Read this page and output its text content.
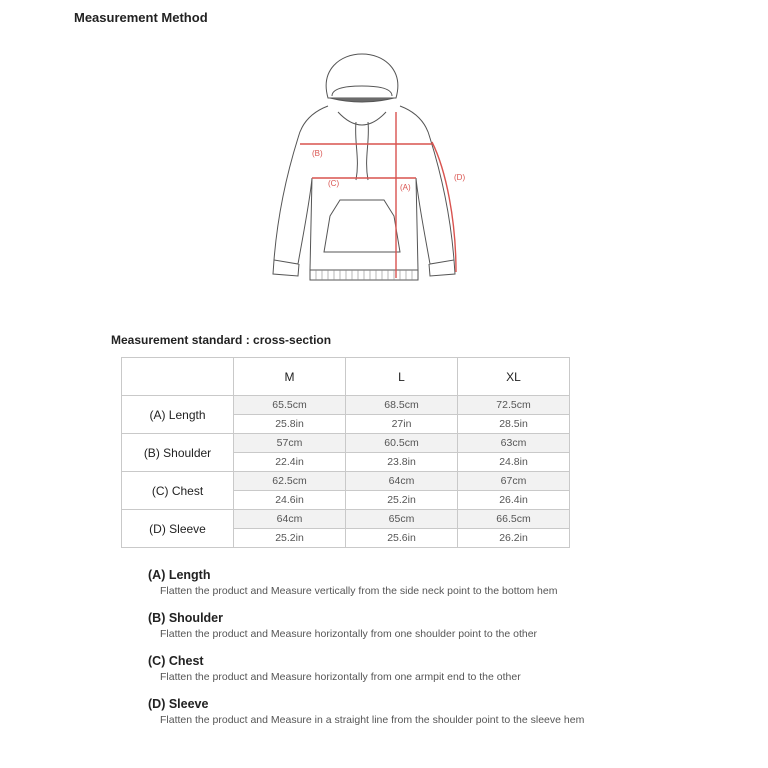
Measurement Method
(B)
(C)	(A)
(D)
Measurement standard : cross-section
	M	L	XL
(A) Length	65.5cm	68.5cm	72.5cm
	25.8in	27in	28.5in
(B) Shoulder	57cm	60.5cm	63cm
	22.4in	23.8in	24.8in
(C) Chest	62.5cm	64cm	67cm
	24.6in	25.2in	26.4in
(D) Sleeve	64cm	65cm	66.5cm
	25.2in	25.6in	26.2in
(A) Length
Flatten the product and Measure vertically from the side neck point to the bottom hem
(B) Shoulder
Flatten the product and Measure horizontally from one shoulder point to the other
(C) Chest
Flatten the product and Measure horizontally from one armpit end to the other
(D) Sleeve
Flatten the product and Measure in a straight line from the shoulder point to the sleeve hem
